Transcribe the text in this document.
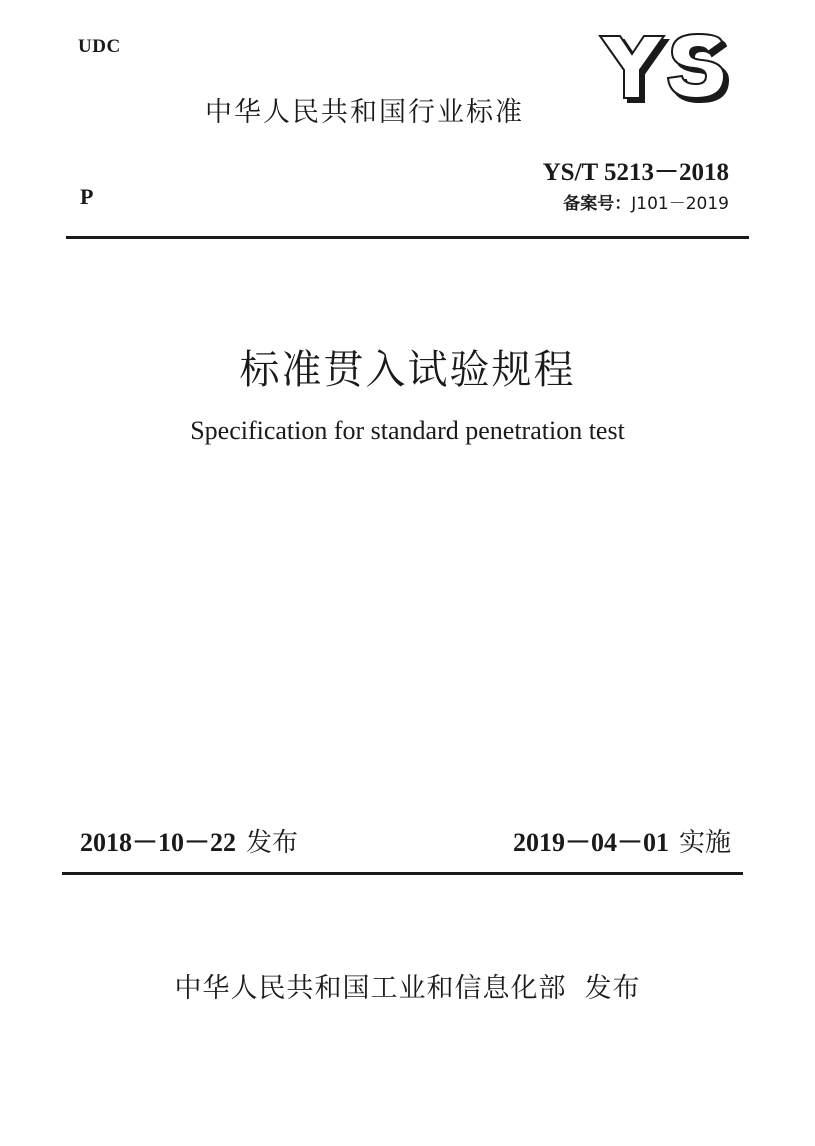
UDC
中华人民共和国行业标准
YS/T 5213－2018
P	备案号：J101－2019
标准贯入试验规程
Specification for standard penetration test
2018－10－22 发布	2019－04－01 实施
中华人民共和国工业和信息化部 发布
